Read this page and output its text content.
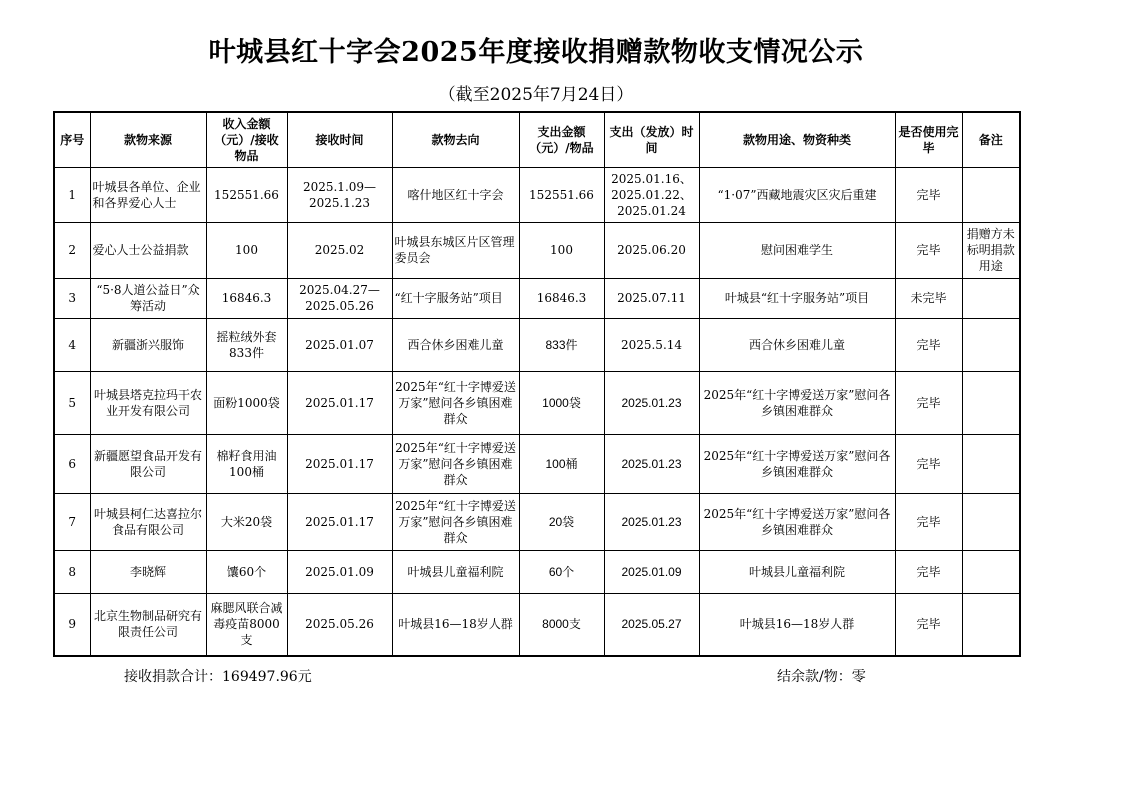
叶城县红十字会2025年度接收捐赠款物收支情况公示
（截至2025年7月24日）
序号	款物来源	收入金额（元）/接收物品	接收时间	款物去向	支出金额（元）/物品	支出（发放）时间	款物用途、物资种类	是否使用完毕	备注
1	叶城县各单位、企业和各界爱心人士	152551.66	2025.1.09—2025.1.23	喀什地区红十字会	152551.66	2025.01.16、2025.01.22、2025.01.24	“1·07”西藏地震灾区灾后重建	完毕	
2	爱心人士公益捐款	100	2025.02	叶城县东城区片区管理委员会	100	2025.06.20	慰问困难学生	完毕	捐赠方未标明捐款用途
3	“5·8人道公益日”众筹活动	16846.3	2025.04.27—2025.05.26	“红十字服务站”项目	16846.3	2025.07.11	叶城县“红十字服务站”项目	未完毕	
4	新疆浙兴服饰	摇粒绒外套833件	2025.01.07	西合休乡困难儿童	833件	2025.5.14	西合休乡困难儿童	完毕	
5	叶城县塔克拉玛干农业开发有限公司	面粉1000袋	2025.01.17	2025年“红十字博爱送万家”慰问各乡镇困难群众	1000袋	2025.01.23	2025年“红十字博爱送万家”慰问各乡镇困难群众	完毕	
6	新疆愿望食品开发有限公司	棉籽食用油100桶	2025.01.17	2025年“红十字博爱送万家”慰问各乡镇困难群众	100桶	2025.01.23	2025年“红十字博爱送万家”慰问各乡镇困难群众	完毕	
7	叶城县柯仁达喜拉尔食品有限公司	大米20袋	2025.01.17	2025年“红十字博爱送万家”慰问各乡镇困难群众	20袋	2025.01.23	2025年“红十字博爱送万家”慰问各乡镇困难群众	完毕	
8	李晓辉	馕60个	2025.01.09	叶城县儿童福利院	60个	2025.01.09	叶城县儿童福利院	完毕	
9	北京生物制品研究有限责任公司	麻腮风联合减毒疫苗8000支	2025.05.26	叶城县16—18岁人群	8000支	2025.05.27	叶城县16—18岁人群	完毕	
接收捐款合计：169497.96元	结余款/物：零
